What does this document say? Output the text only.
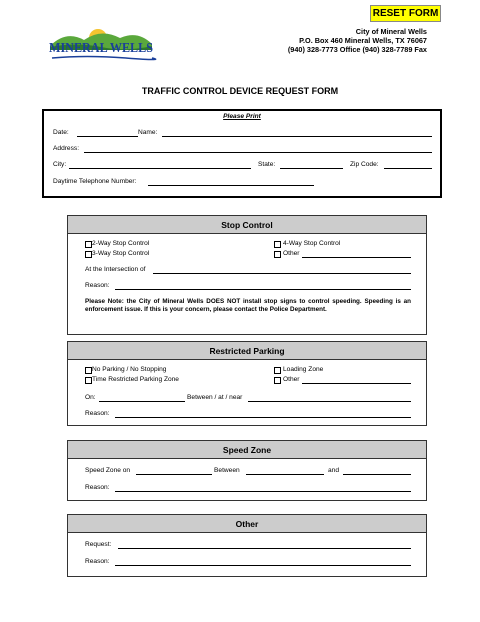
RESET FORM
MINERAL WELLS
City of Mineral Wells
P.O. Box 460 Mineral Wells, TX 76067
(940) 328-7773 Office (940) 328-7789 Fax
TRAFFIC CONTROL DEVICE REQUEST FORM
Please Print
Date:	Name:
Address:
City:	State:	Zip Code:
Daytime Telephone Number:
Stop Control
2-Way Stop Control
3-Way Stop Control
4-Way Stop Control
Other
At the Intersection of
Reason:
Please Note: the City of Mineral Wells DOES NOT install stop signs to control speeding. Speeding is an enforcement issue. If this is your concern, please contact the Police Department.
Restricted Parking
No Parking / No Stopping
Time Restricted Parking Zone
Loading Zone
Other
On:	Between / at / near
Reason:
Speed Zone
Speed Zone on	Between	and
Reason:
Other
Request:
Reason:
